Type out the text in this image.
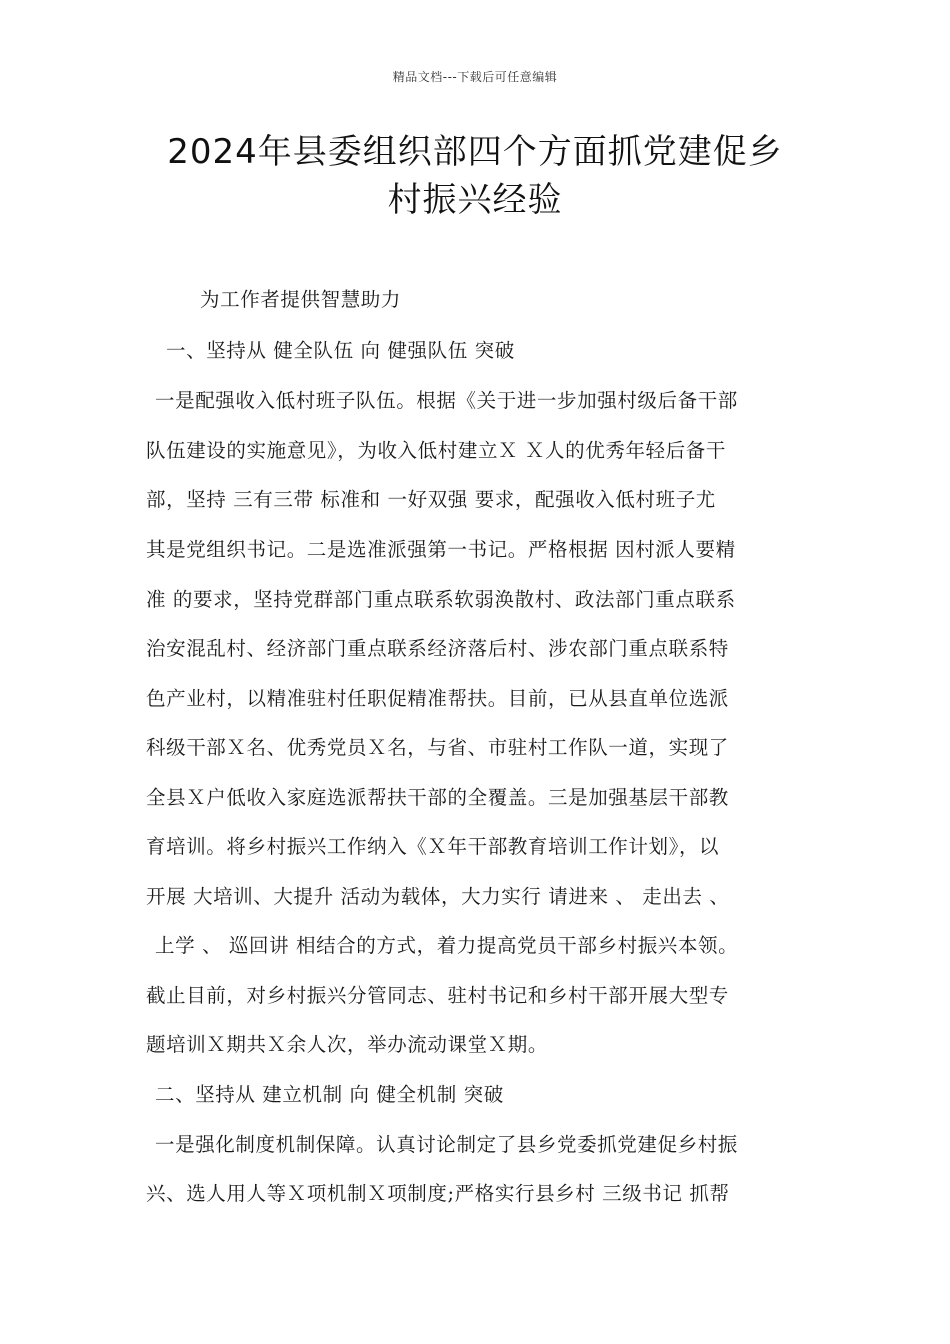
精品文档---下载后可任意编辑
2024年县委组织部四个方面抓党建促乡
村振兴经验
为工作者提供智慧助力
一、坚持从 健全队伍 向 健强队伍 突破
一是配强收入低村班子队伍。根据《关于进一步加强村级后备干部
队伍建设的实施意见》，为收入低村建立Ｘ Ｘ人的优秀年轻后备干
部，坚持 三有三带 标准和 一好双强 要求，配强收入低村班子尤
其是党组织书记。二是选准派强第一书记。严格根据 因村派人要精
准 的要求，坚持党群部门重点联系软弱涣散村、政法部门重点联系
治安混乱村、经济部门重点联系经济落后村、涉农部门重点联系特
色产业村，以精准驻村任职促精准帮扶。目前，已从县直单位选派
科级干部Ｘ名、优秀党员Ｘ名，与省、市驻村工作队一道，实现了
全县Ｘ户低收入家庭选派帮扶干部的全覆盖。三是加强基层干部教
育培训。将乡村振兴工作纳入《Ｘ年干部教育培训工作计划》，以
开展 大培训、大提升 活动为载体，大力实行 请进来 、 走出去 、
上学 、 巡回讲 相结合的方式，着力提高党员干部乡村振兴本领。
截止目前，对乡村振兴分管同志、驻村书记和乡村干部开展大型专
题培训Ｘ期共Ｘ余人次，举办流动课堂Ｘ期。
二、坚持从 建立机制 向 健全机制 突破
一是强化制度机制保障。认真讨论制定了县乡党委抓党建促乡村振
兴、选人用人等Ｘ项机制Ｘ项制度;严格实行县乡村 三级书记 抓帮
